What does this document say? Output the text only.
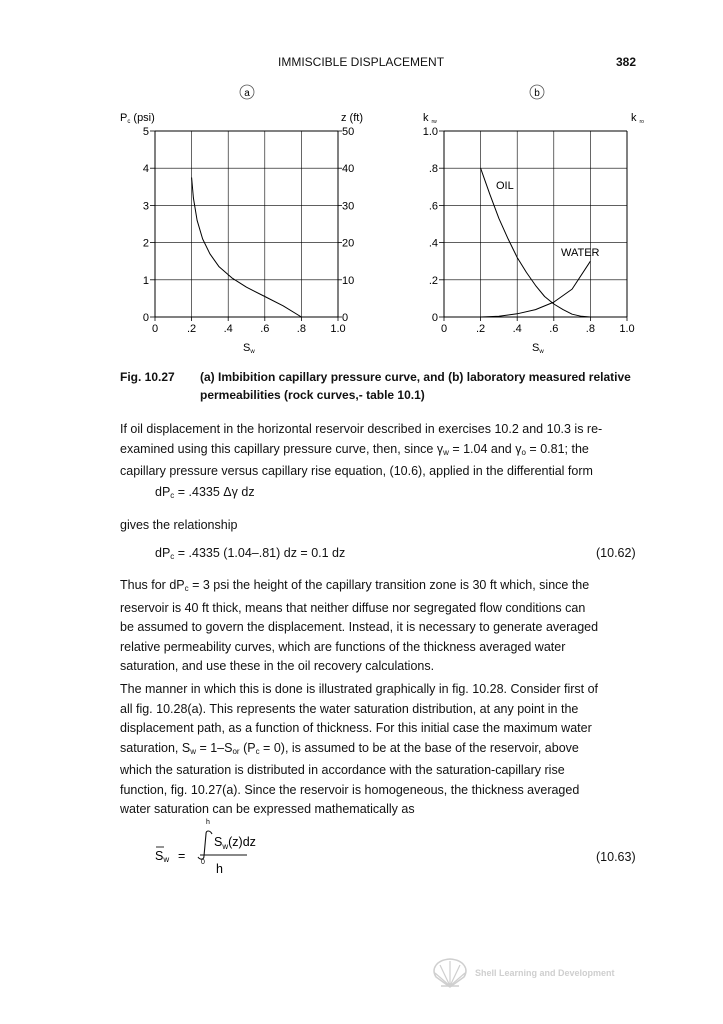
IMMISCIBLE DISPLACEMENT	382
a	b
Pc (psi)	z (ft)
Sw
krw	kro
Sw
0	.2 .4 .6 .8 1.0
0	0
1	10
2	20
3	30
4	40
5	50
0	.2 .4 .6 .8 1.0
0
.2
.4
.6
.8
1.0
OIL
WATER
Fig. 10.27 (a) Imbibition capillary pressure curve, and (b) laboratory measured relative
permeabilities (rock curves,- table 10.1)
If oil displacement in the horizontal reservoir described in exercises 10.2 and 10.3 is re-
examined using this capillary pressure curve, then, since $\gamma_w = 1.04$ and $\gamma_o = 0.81$; the
capillary pressure versus capillary rise equation, (10.6), applied in the differential form
$dP_c = .4335$ Δγ dz
gives the relationship
$dP_c = .4335$ (1.04–.81) dz = 0.1 dz	(10.62)
Thus for $dP_c = 3$ psi the height of the capillary transition zone is 30 ft which, since the
reservoir is 40 ft thick, means that neither diffuse nor segregated flow conditions can
be assumed to govern the displacement. Instead, it is necessary to generate averaged
relative permeability curves, which are functions of the thickness averaged water
saturation, and use these in the oil recovery calculations.
The manner in which this is done is illustrated graphically in fig. 10.28. Consider first of
all fig. 10.28(a). This represents the water saturation distribution, at any point in the
displacement path, as a function of thickness. For this initial case the maximum water
saturation, $S_w = 1-S_{or}$ $(P_c = 0)$, is assumed to be at the base of the reservoir, above
which the saturation is distributed in accordance with the saturation-capillary rise
function, fig. 10.27(a). Since the reservoir is homogeneous, the thickness averaged
water saturation can be expressed mathematically as
h
0
$S_w(z)dz$
h
Sw =	(10.63)
Shell Learning and Development
